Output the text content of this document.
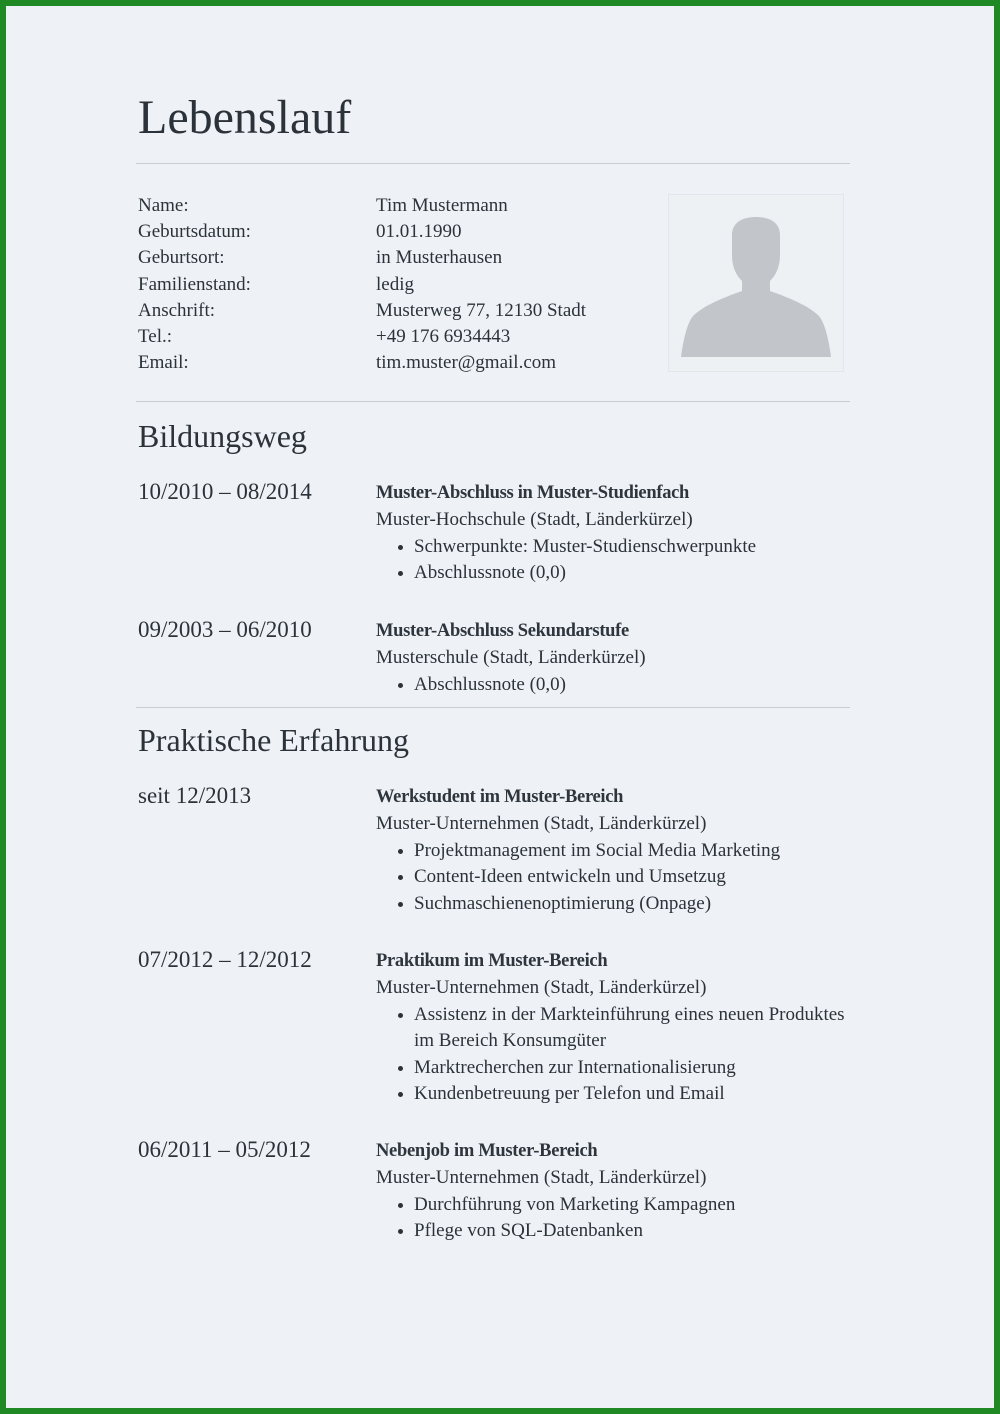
Lebenslauf
Name:	Tim Mustermann
Geburtsdatum:	01.01.1990
Geburtsort:	in Musterhausen
Familienstand:	ledig
Anschrift:	Musterweg 77, 12130 Stadt
Tel.:	+49 176 6934443
Email:	tim.muster@gmail.com
Bildungsweg
10/2010 – 08/2014	Muster-Abschluss in Muster-Studienfach
Muster-Hochschule (Stadt, Länderkürzel)
Schwerpunkte: Muster-Studienschwerpunkte
Abschlussnote (0,0)
09/2003 – 06/2010	Muster-Abschluss Sekundarstufe
Musterschule (Stadt, Länderkürzel)
Abschlussnote (0,0)
Praktische Erfahrung
seit 12/2013	Werkstudent im Muster-Bereich
Muster-Unternehmen (Stadt, Länderkürzel)
Projektmanagement im Social Media Marketing
Content-Ideen entwickeln und Umsetzug
Suchmaschienenoptimierung (Onpage)
07/2012 – 12/2012	Praktikum im Muster-Bereich
Muster-Unternehmen (Stadt, Länderkürzel)
Assistenz in der Markteinführung eines neuen Produktes im Bereich Konsumgüter
Marktrecherchen zur Internationalisierung
Kundenbetreuung per Telefon und Email
06/2011 – 05/2012	Nebenjob im Muster-Bereich
Muster-Unternehmen (Stadt, Länderkürzel)
Durchführung von Marketing Kampagnen
Pflege von SQL-Datenbanken
